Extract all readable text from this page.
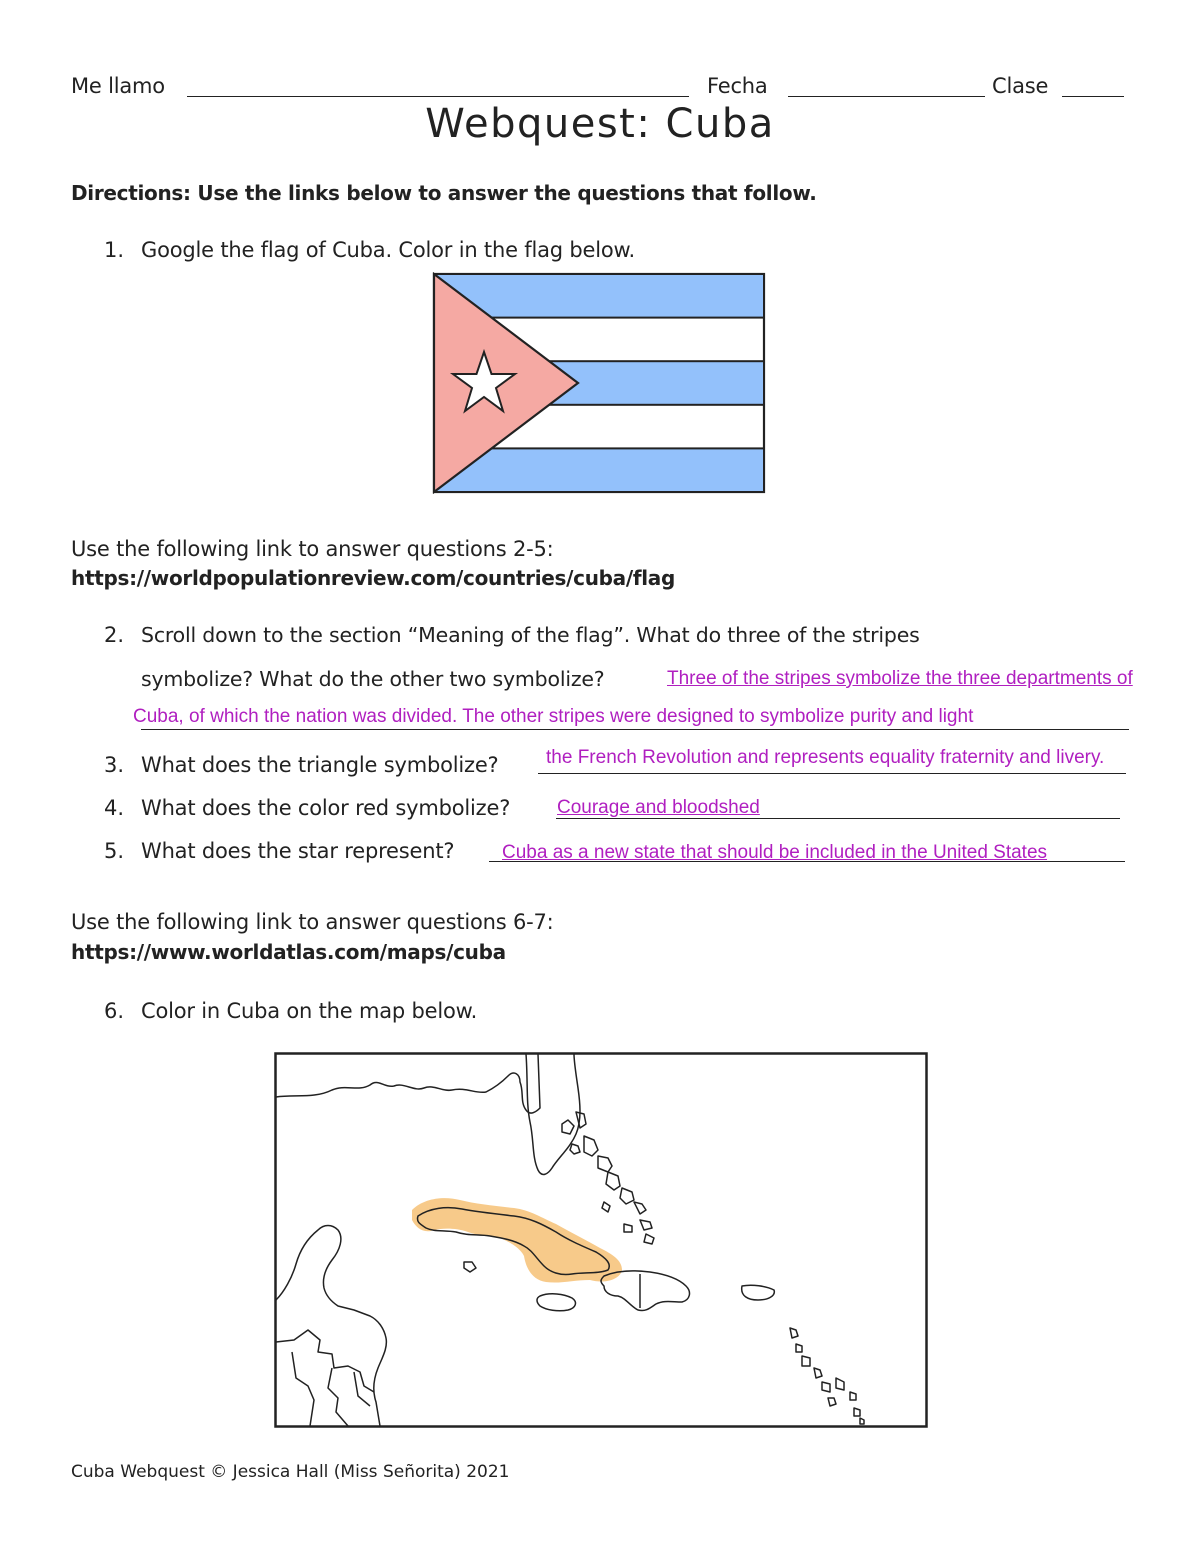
Me llamo	Fecha	Clase
Webquest: Cuba
Directions: Use the links below to answer the questions that follow.
1. Google the flag of Cuba. Color in the flag below.
Use the following link to answer questions 2-5:
https://worldpopulationreview.com/countries/cuba/flag
2. Scroll down to the section “Meaning of the flag”. What do three of the stripes
symbolize? What do the other two symbolize?	Three of the stripes symbolize the three departments of
Cuba, of which the nation was divided. The other stripes were designed to symbolize purity and light
3. What does the triangle symbolize? the French Revolution and represents equality fraternity and livery.
4. What does the color red symbolize? Courage and bloodshed
5. What does the star represent?	Cuba as a new state that should be included in the United States
Use the following link to answer questions 6-7:
https://www.worldatlas.com/maps/cuba
6. Color in Cuba on the map below.
Cuba Webquest © Jessica Hall (Miss Señorita) 2021
